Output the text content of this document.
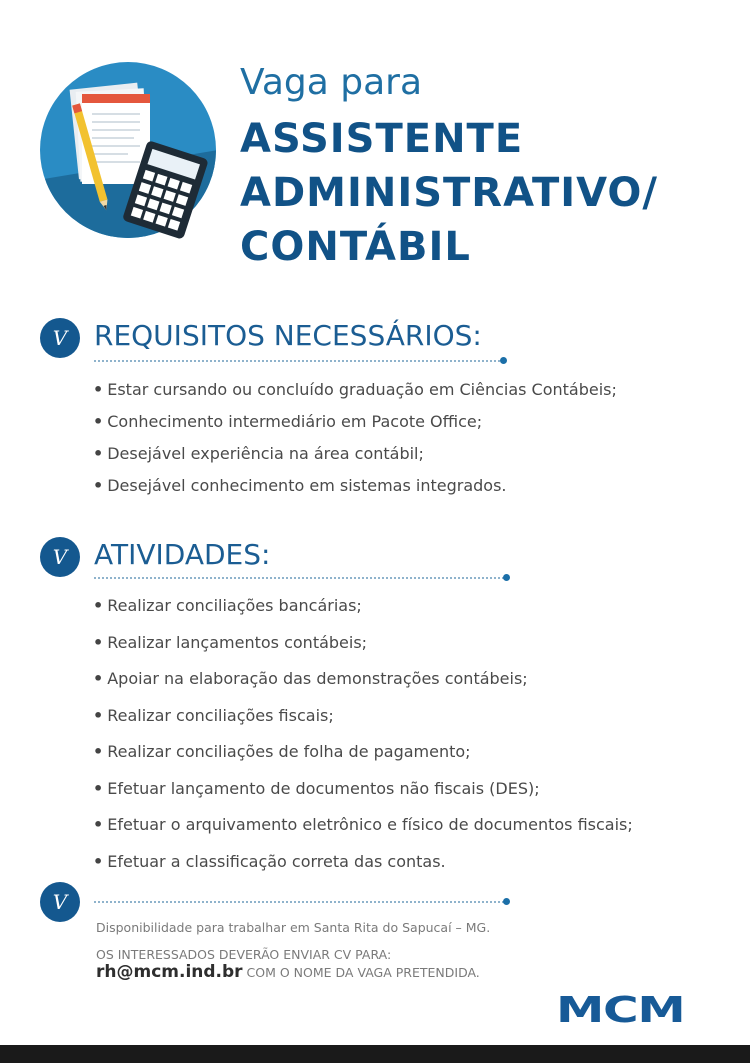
Vaga para
ASSISTENTE
ADMINISTRATIVO/
CONTÁBIL
V REQUISITOS NECESSÁRIOS:
• Estar cursando ou concluído graduação em Ciências Contábeis;
• Conhecimento intermediário em Pacote Office;
• Desejável experiência na área contábil;
• Desejável conhecimento em sistemas integrados.
V ATIVIDADES:
• Realizar conciliações bancárias;
• Realizar lançamentos contábeis;
• Apoiar na elaboração das demonstrações contábeis;
• Realizar conciliações fiscais;
• Realizar conciliações de folha de pagamento;
• Efetuar lançamento de documentos não fiscais (DES);
• Efetuar o arquivamento eletrônico e físico de documentos fiscais;
• Efetuar a classificação correta das contas.
V
Disponibilidade para trabalhar em Santa Rita do Sapucaí – MG.
OS INTERESSADOS DEVERÃO ENVIAR CV PARA:
rh@mcm.ind.br COM O NOME DA VAGA PRETENDIDA.
MCM
